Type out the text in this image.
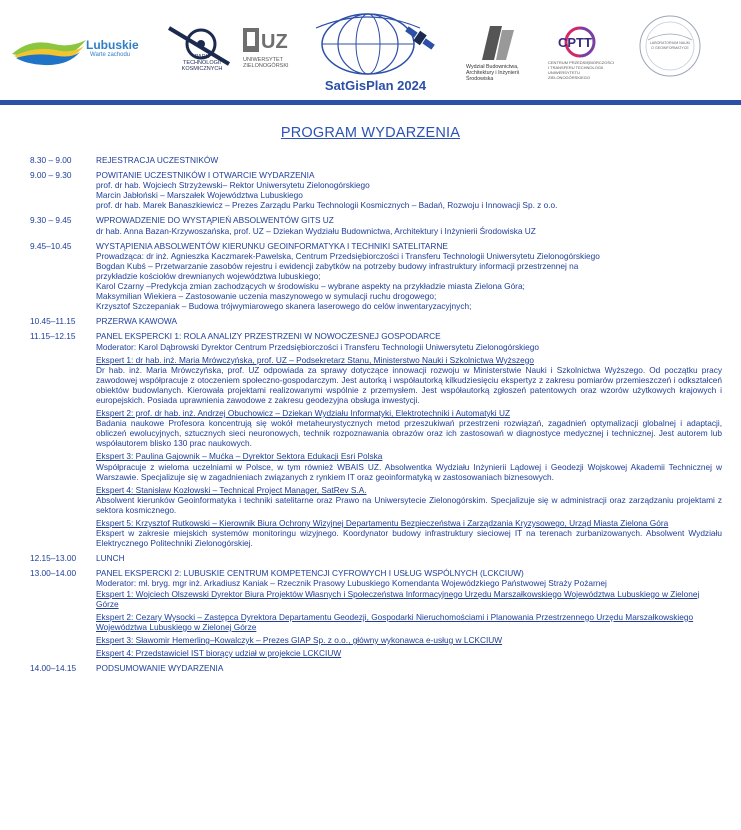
Lubuskie
Warte zachodu	PARK
TECHNOLOGII
KOSMICZNYCH
UZ
UNIWERSYTET
ZIELONOGÓRSKI
SatGisPlan 2024
Wydział Budownictwa,
Architektury i Inżynierii
Środowiska
CPTT
CENTRUM PRZEDSIĘBIORCZOŚCI
I TRANSFERU TECHNOLOGII
UNIWERSYTETU ZIELONOGÓRSKIEGO
LABORATORIUM NAUKI
O GEOINFORMATYCE
PROGRAM WYDARZENIA
8.30 – 9.00	REJESTRACJA UCZESTNIKÓW
9.00 – 9.30	POWITANIE UCZESTNIKÓW I OTWARCIE WYDARZENIA
prof. dr hab. Wojciech Strzyżewski– Rektor Uniwersytetu Zielonogórskiego
Marcin Jabłoński – Marszałek Województwa Lubuskiego
prof. dr hab. Marek Banaszkiewicz – Prezes Zarządu Parku Technologii Kosmicznych – Badań, Rozwoju i Innowacji Sp. z o.o.
9.30 – 9.45	WPROWADZENIE DO WYSTĄPIEŃ ABSOLWENTÓW GITS UZ
dr hab. Anna Bazan-Krzywoszańska, prof. UZ – Dziekan Wydziału Budownictwa, Architektury i Inżynierii Środowiska UZ
9.45–10.45	WYSTĄPIENIA ABSOLWENTÓW KIERUNKU GEOINFORMATYKA I TECHNIKI SATELITARNE
Prowadząca: dr inż. Agnieszka Kaczmarek-Pawelska, Centrum Przedsiębiorczości i Transferu Technologii Uniwersytetu Zielonogórskiego
Bogdan Kubś – Przetwarzanie zasobów rejestru i ewidencji zabytków na potrzeby budowy infrastruktury informacji przestrzennej na
przykładzie kościołów drewnianych województwa lubuskiego;
Karol Czarny –Predykcja zmian zachodzących w środowisku – wybrane aspekty na przykładzie miasta Zielona Góra;
Maksymilian Wiekiera – Zastosowanie uczenia maszynowego w symulacji ruchu drogowego;
Krzysztof Szczepaniak – Budowa trójwymiarowego skanera laserowego do celów inwentaryzacyjnych;
10.45–11.15	PRZERWA KAWOWA
11.15–12.15	PANEL EKSPERCKI 1: ROLA ANALIZY PRZESTRZENI W NOWOCZESNEJ GOSPODARCE
Moderator: Karol Dąbrowski Dyrektor Centrum Przedsiębiorczości i Transferu Technologii Uniwersytetu Zielonogórskiego
Ekspert 1: dr hab. inż. Maria Mrówczyńska, prof. UZ – Podsekretarz Stanu, Ministerstwo Nauki i Szkolnictwa Wyższego
Dr hab. inż. Maria Mrówczyńska, prof. UZ odpowiada za sprawy dotyczące innowacji rozwoju w Ministerstwie Nauki i Szkolnictwa Wyższego. Od początku pracy zawodowej współpracuje z otoczeniem społeczno-gospodarczym. Jest autorką i współautorką kilkudziesięciu ekspertyz z zakresu pomiarów przemieszczeń i odkształceń obiektów budowlanych. Kierowała projektami realizowanymi wspólnie z przemysłem. Jest współautorką zgłoszeń patentowych oraz wzorów użytkowych krajowych i europejskich. Posiada uprawnienia zawodowe z zakresu geodezyjna obsługa inwestycji.
Ekspert 2: prof. dr hab. inż. Andrzej Obuchowicz – Dziekan Wydziału Informatyki, Elektrotechniki i Automatyki UZ
Badania naukowe Profesora koncentrują się wokół metaheurystycznych metod przeszukiwań przestrzeni rozwiązań, zagadnień optymalizacji globalnej i adaptacji, obliczeń ewolucyjnych, sztucznych sieci neuronowych, technik rozpoznawania obrazów oraz ich zastosowań w diagnostyce medycznej i technicznej. Jest autorem lub współautorem blisko 130 prac naukowych.
Ekspert 3: Paulina Gajownik – Mućka – Dyrektor Sektora Edukacji Esri Polska
Współpracuje z wieloma uczelniami w Polsce, w tym również WBAIS UZ. Absolwentka Wydziału Inżynierii Lądowej i Geodezji Wojskowej Akademii Technicznej w Warszawie. Specjalizuje się w zagadnieniach związanych z rynkiem IT oraz geoinformatyką w zastosowaniach biznesowych.
Ekspert 4: Stanisław Kozłowski – Technical Project Manager, SatRev S.A.
Absolwent kierunków Geoinformatyka i techniki satelitarne oraz Prawo na Uniwersytecie Zielonogórskim. Specjalizuje się w administracji oraz zarządzaniu projektami z sektora kosmicznego.
Ekspert 5: Krzysztof Rutkowski – Kierownik Biura Ochrony Wizyjnej Departamentu Bezpieczeństwa i Zarządzania Kryzysowego, Urząd Miasta Zielona Góra
Ekspert w zakresie miejskich systemów monitoringu wizyjnego. Koordynator budowy infrastruktury sieciowej IT na terenach zurbanizowanych. Absolwent Wydziału Elektrycznego Politechniki Zielonogórskiej.
12.15–13.00	LUNCH
13.00–14.00	PANEL EKSPERCKI 2: LUBUSKIE CENTRUM KOMPETENCJI CYFROWYCH I USŁUG WSPÓLNYCH (LCKCIUW)
Moderator: mł. bryg. mgr inż. Arkadiusz Kaniak – Rzecznik Prasowy Lubuskiego Komendanta Wojewódzkiego Państwowej Straży Pożarnej
Ekspert 1: Wojciech Olszewski Dyrektor Biura Projektów Własnych i Społeczeństwa Informacyjnego Urzędu Marszałkowskiego Województwa Lubuskiego w Zielonej Górze
Ekspert 2: Cezary Wysocki – Zastępca Dyrektora Departamentu Geodezji, Gospodarki Nieruchomościami i Planowania Przestrzennego Urzędu Marszałkowskiego Województwa Lubuskiego w Zielonej Górze
Ekspert 3: Sławomir Hemerling–Kowalczyk – Prezes GIAP Sp. z o.o., główny wykonawca e-usług w LCKCIUW
Ekspert 4: Przedstawiciel IST biorący udział w projekcie LCKCIUW
14.00–14.15	PODSUMOWANIE WYDARZENIA
